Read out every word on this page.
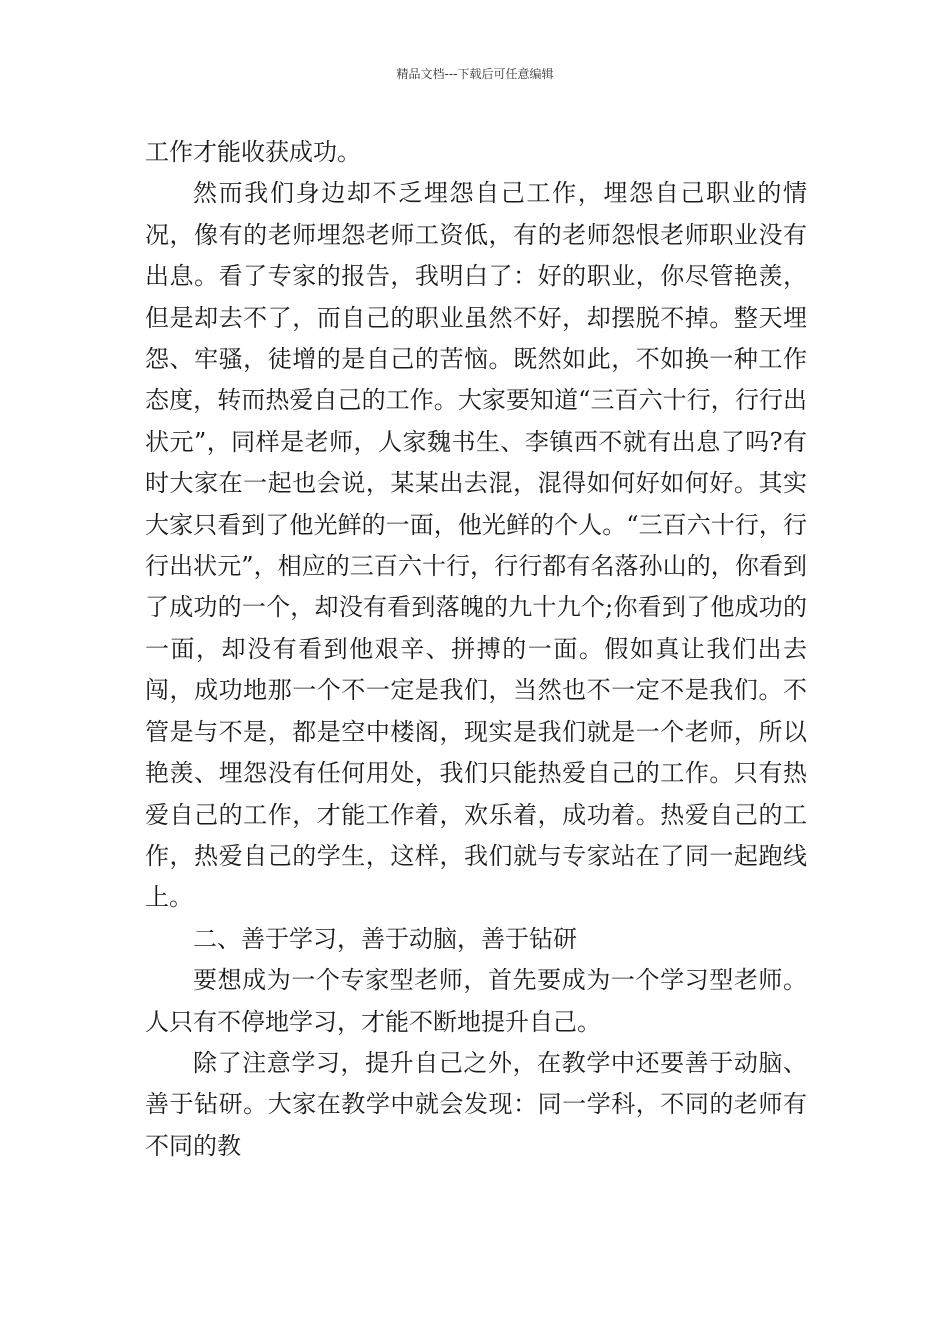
精品文档---下载后可任意编辑

工作才能收获成功。

然而我们身边却不乏埋怨自己工作，埋怨自己职业的情况，像有的老师埋怨老师工资低，有的老师怨恨老师职业没有出息。看了专家的报告，我明白了：好的职业，你尽管艳羡，但是却去不了，而自己的职业虽然不好，却摆脱不掉。整天埋怨、牢骚，徒增的是自己的苦恼。既然如此，不如换一种工作态度，转而热爱自己的工作。大家要知道“三百六十行，行行出状元”，同样是老师，人家魏书生、李镇西不就有出息了吗?有时大家在一起也会说，某某出去混，混得如何好如何好。其实大家只看到了他光鲜的一面，他光鲜的个人。“三百六十行，行行出状元”，相应的三百六十行，行行都有名落孙山的，你看到了成功的一个，却没有看到落魄的九十九个;你看到了他成功的一面，却没有看到他艰辛、拼搏的一面。假如真让我们出去闯，成功地那一个不一定是我们，当然也不一定不是我们。不管是与不是，都是空中楼阁，现实是我们就是一个老师，所以艳羡、埋怨没有任何用处，我们只能热爱自己的工作。只有热爱自己的工作，才能工作着，欢乐着，成功着。热爱自己的工作，热爱自己的学生，这样，我们就与专家站在了同一起跑线上。

二、善于学习，善于动脑，善于钻研

要想成为一个专家型老师，首先要成为一个学习型老师。人只有不停地学习，才能不断地提升自己。

除了注意学习，提升自己之外，在教学中还要善于动脑、善于钻研。大家在教学中就会发现：同一学科，不同的老师有不同的教
